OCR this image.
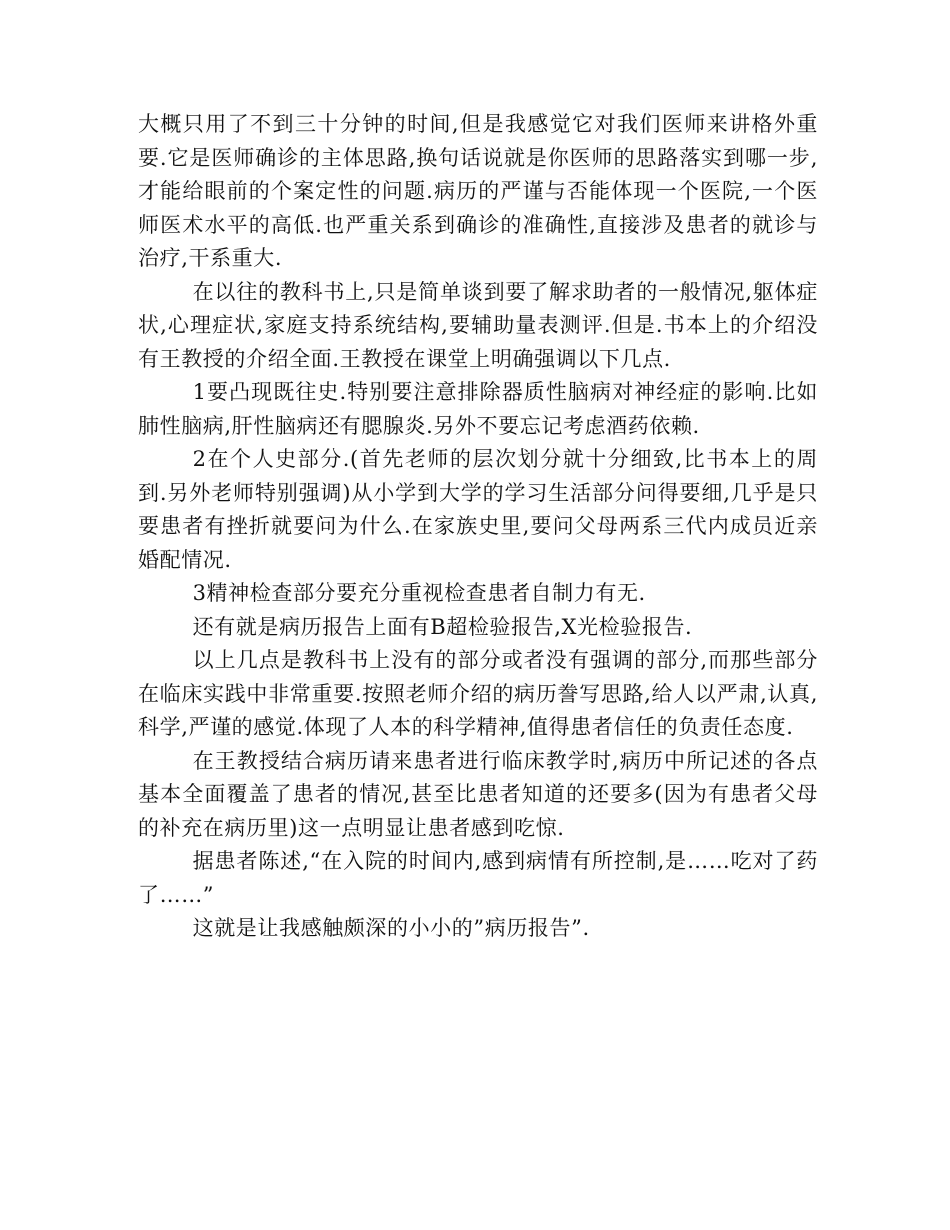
大概只用了不到三十分钟的时间,但是我感觉它对我们医师来讲格外重要.它是医师确诊的主体思路,换句话说就是你医师的思路落实到哪一步,才能给眼前的个案定性的问题.病历的严谨与否能体现一个医院,一个医师医术水平的高低.也严重关系到确诊的准确性,直接涉及患者的就诊与治疗,干系重大.

在以往的教科书上,只是简单谈到要了解求助者的一般情况,躯体症状,心理症状,家庭支持系统结构,要辅助量表测评.但是.书本上的介绍没有王教授的介绍全面.王教授在课堂上明确强调以下几点.

1要凸现既往史.特别要注意排除器质性脑病对神经症的影响.比如肺性脑病,肝性脑病还有腮腺炎.另外不要忘记考虑酒药依赖.

2在个人史部分.(首先老师的层次划分就十分细致,比书本上的周到.另外老师特别强调)从小学到大学的学习生活部分问得要细,几乎是只要患者有挫折就要问为什么.在家族史里,要问父母两系三代内成员近亲婚配情况.

3精神检查部分要充分重视检查患者自制力有无.

还有就是病历报告上面有B超检验报告,X光检验报告.

以上几点是教科书上没有的部分或者没有强调的部分,而那些部分在临床实践中非常重要.按照老师介绍的病历誊写思路,给人以严肃,认真,科学,严谨的感觉.体现了人本的科学精神,值得患者信任的负责任态度.

在王教授结合病历请来患者进行临床教学时,病历中所记述的各点基本全面覆盖了患者的情况,甚至比患者知道的还要多(因为有患者父母的补充在病历里)这一点明显让患者感到吃惊.

据患者陈述,“在入院的时间内,感到病情有所控制,是……吃对了药了……”

这就是让我感触颇深的小小的”病历报告”.
